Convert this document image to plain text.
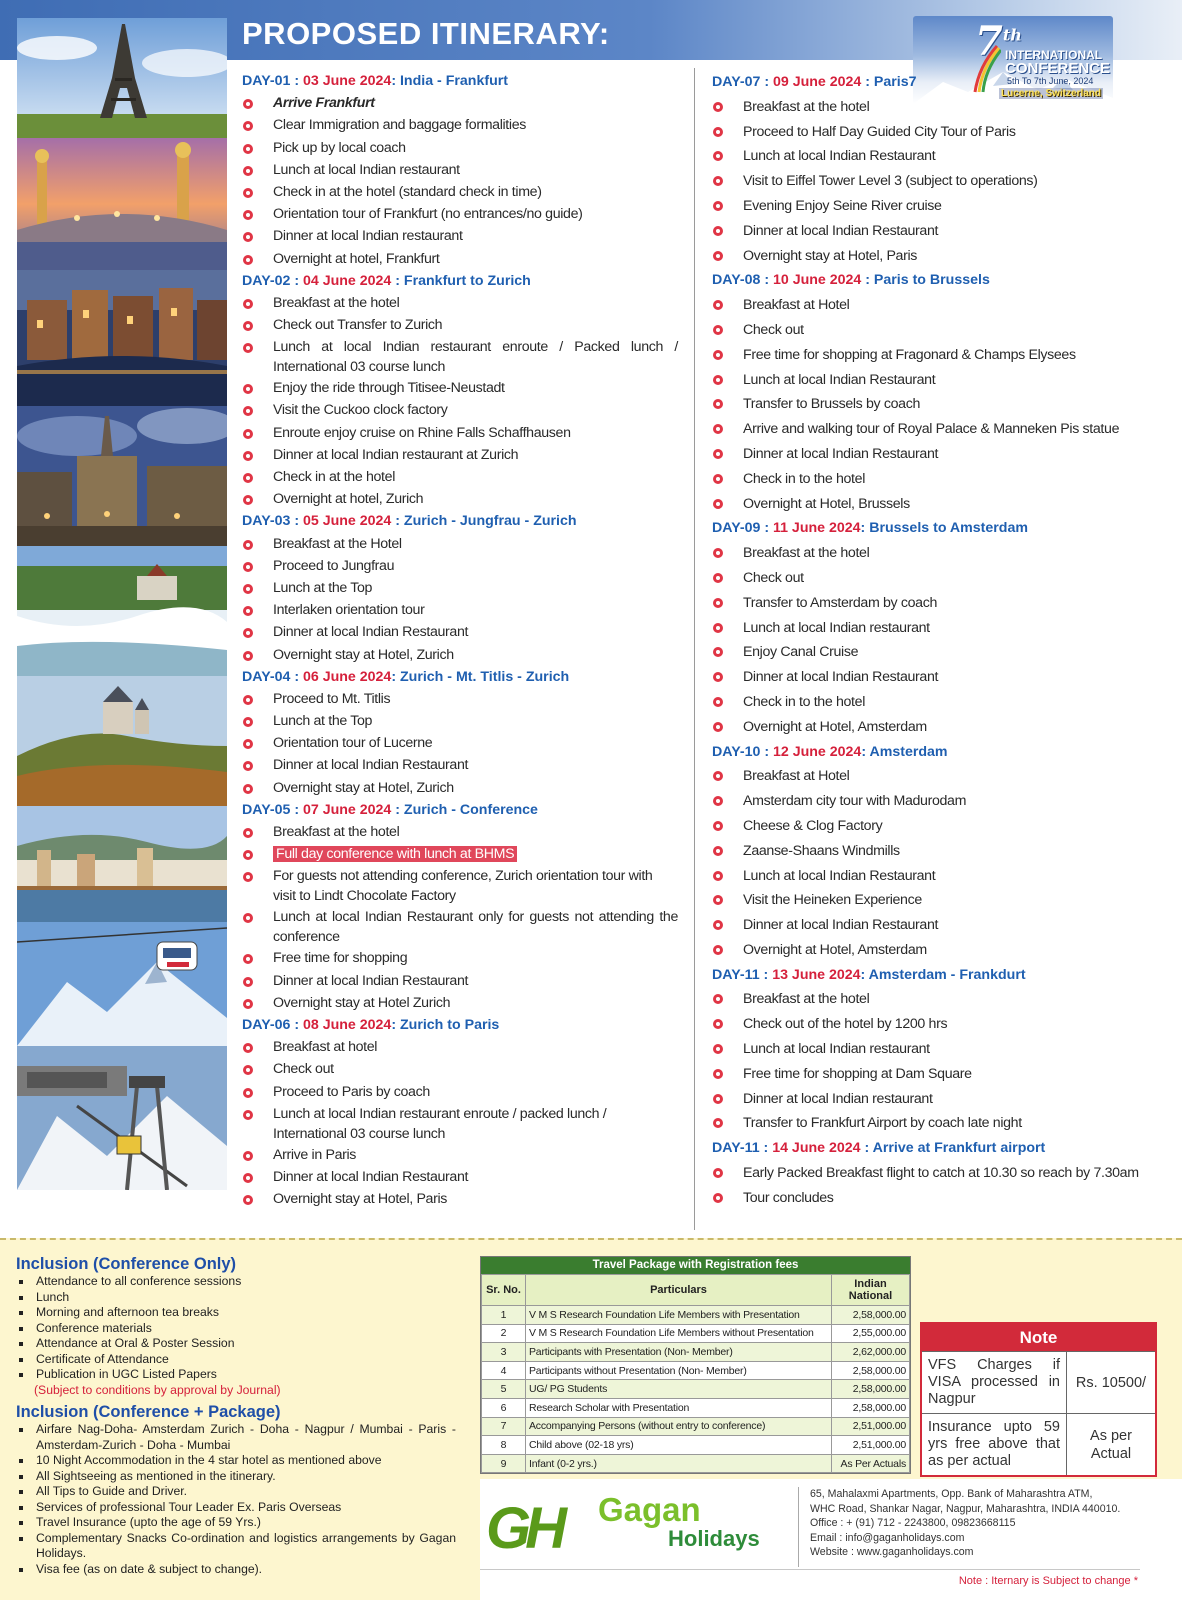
PROPOSED ITINERARY:	7th
INTERNATIONAL
CONFERENCE
5th To 7th June, 2024
Lucerne, Switzerland
DAY-01 : 03 June 2024: India - Frankfurt
Arrive Frankfurt
Clear Immigration and baggage formalities
Pick up by local coach
Lunch at local Indian restaurant
Check in at the hotel (standard check in time)
Orientation tour of Frankfurt (no entrances/no guide)
Dinner at local Indian restaurant
Overnight at hotel, Frankfurt
DAY-02 : 04 June 2024 : Frankfurt to Zurich
Breakfast at the hotel
Check out Transfer to Zurich
Lunch at local Indian restaurant enroute / Packed lunch / International 03 course lunch
Enjoy the ride through Titisee-Neustadt
Visit the Cuckoo clock factory
Enroute enjoy cruise on Rhine Falls Schaffhausen
Dinner at local Indian restaurant at Zurich
Check in at the hotel
Overnight at hotel, Zurich
DAY-03 : 05 June 2024 : Zurich - Jungfrau - Zurich
Breakfast at the Hotel
Proceed to Jungfrau
Lunch at the Top
Interlaken orientation tour
Dinner at local Indian Restaurant
Overnight stay at Hotel, Zurich
DAY-04 : 06 June 2024: Zurich - Mt. Titlis - Zurich
Proceed to Mt. Titlis
Lunch at the Top
Orientation tour of Lucerne
Dinner at local Indian Restaurant
Overnight stay at Hotel, Zurich
DAY-05 : 07 June 2024 : Zurich - Conference
Breakfast at the hotel
Full day conference with lunch at BHMS
For guests not attending conference, Zurich orientation tour with visit to Lindt Chocolate Factory
Lunch at local Indian Restaurant only for guests not attending the conference
Free time for shopping
Dinner at local Indian Restaurant
Overnight stay at Hotel Zurich
DAY-06 : 08 June 2024: Zurich to Paris
Breakfast at hotel
Check out
Proceed to Paris by coach
Lunch at local Indian restaurant enroute / packed lunch / International 03 course lunch
Arrive in Paris
Dinner at local Indian Restaurant
Overnight stay at Hotel, Paris
DAY-07 : 09 June 2024 : Paris7
Breakfast at the hotel
Proceed to Half Day Guided City Tour of Paris
Lunch at local Indian Restaurant
Visit to Eiffel Tower Level 3 (subject to operations)
Evening Enjoy Seine River cruise
Dinner at local Indian Restaurant
Overnight stay at Hotel, Paris
DAY-08 : 10 June 2024 : Paris to Brussels
Breakfast at Hotel
Check out
Free time for shopping at Fragonard & Champs Elysees
Lunch at local Indian Restaurant
Transfer to Brussels by coach
Arrive and walking tour of Royal Palace & Manneken Pis statue
Dinner at local Indian Restaurant
Check in to the hotel
Overnight at Hotel, Brussels
DAY-09 : 11 June 2024: Brussels to Amsterdam
Breakfast at the hotel
Check out
Transfer to Amsterdam by coach
Lunch at local Indian restaurant
Enjoy Canal Cruise
Dinner at local Indian Restaurant
Check in to the hotel
Overnight at Hotel, Amsterdam
DAY-10 : 12 June 2024: Amsterdam
Breakfast at Hotel
Amsterdam city tour with Madurodam
Cheese & Clog Factory
Zaanse-Shaans Windmills
Lunch at local Indian Restaurant
Visit the Heineken Experience
Dinner at local Indian Restaurant
Overnight at Hotel, Amsterdam
DAY-11 : 13 June 2024: Amsterdam - Frankdurt
Breakfast at the hotel
Check out of the hotel by 1200 hrs
Lunch at local Indian restaurant
Free time for shopping at Dam Square
Dinner at local Indian restaurant
Transfer to Frankfurt Airport by coach late night
DAY-11 : 14 June 2024 : Arrive at Frankfurt airport
Early Packed Breakfast flight to catch at 10.30 so reach by 7.30am
Tour concludes
Inclusion (Conference Only)
Attendance to all conference sessions
Lunch
Morning and afternoon tea breaks
Conference materials
Attendance at Oral & Poster Session
Certificate of Attendance
Publication in UGC Listed Papers
(Subject to conditions by approval by Journal)
Inclusion (Conference + Package)
Airfare Nag-Doha- Amsterdam Zurich - Doha - Nagpur / Mumbai - Paris - Amsterdam-Zurich - Doha - Mumbai
10 Night Accommodation in the 4 star hotel as mentioned above
All Sightseeing as mentioned in the itinerary.
All Tips to Guide and Driver.
Services of professional Tour Leader Ex. Paris Overseas
Travel Insurance (upto the age of 59 Yrs.)
Complementary Snacks Co-ordination and logistics arrangements by Gagan Holidays.
Visa fee (as on date & subject to change).
Travel Package with Registration fees
Sr. No.	Particulars	Indian
National
1	V M S Research Foundation Life Members with Presentation	2,58,000.00
2	V M S Research Foundation Life Members without Presentation	2,55,000.00
3	Participants with Presentation (Non- Member)	2,62,000.00
4	Participants without Presentation (Non- Member)	2,58,000.00
5	UG/ PG Students	2,58,000.00
6	Research Scholar with Presentation	2,58,000.00
7	Accompanying Persons (without entry to conference)	2,51,000.00
8	Child above (02-18 yrs)	2,51,000.00
9	Infant (0-2 yrs.)	As Per Actuals
Note
VFS Charges if VISA processed in Nagpur
Rs. 10500/
Insurance upto 59 yrs free above that as per actual
As per Actual
GH Gagan
Holidays
65, Mahalaxmi Apartments, Opp. Bank of Maharashtra ATM,
WHC Road, Shankar Nagar, Nagpur, Maharashtra, INDIA 440010.
Office : + (91) 712 - 2243800, 09823668115
Email : info@gaganholidays.com
Website : www.gaganholidays.com
Note : Iternary is Subject to change *
